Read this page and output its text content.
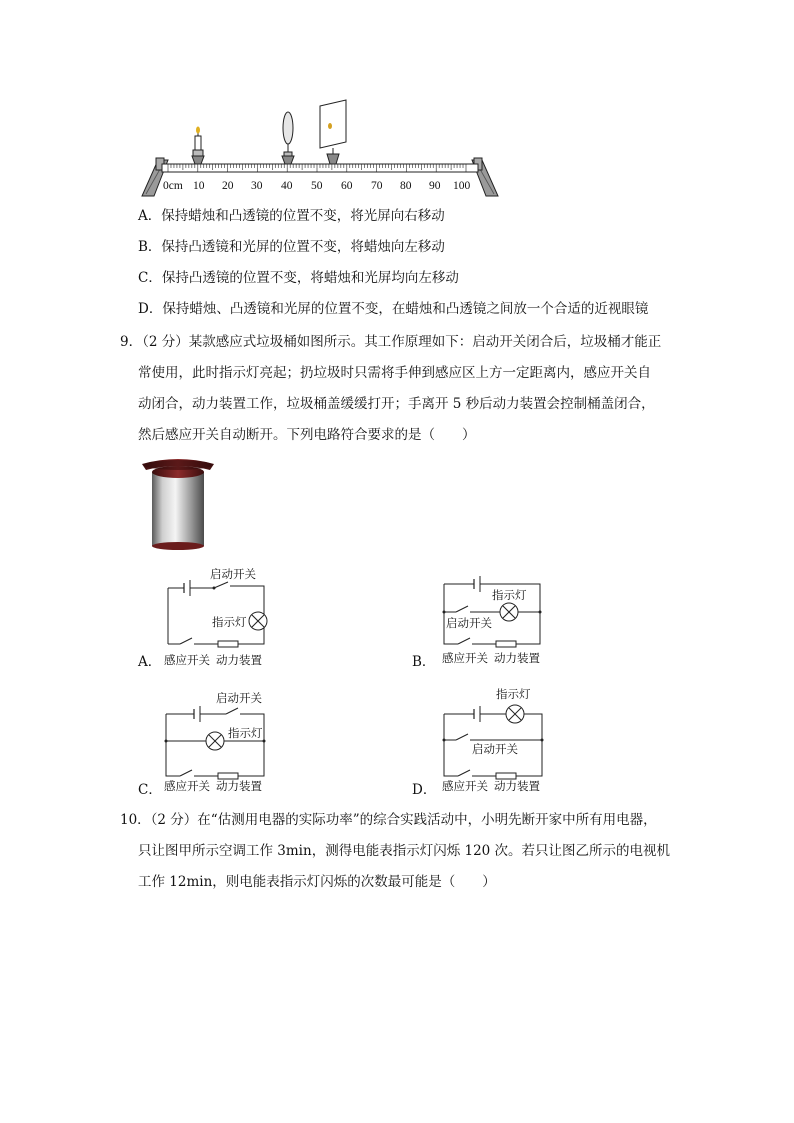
0cm 10 20 30 40 50 60 70 80 90 100
A．保持蜡烛和凸透镜的位置不变，将光屏向右移动
B．保持凸透镜和光屏的位置不变，将蜡烛向左移动
C．保持凸透镜的位置不变，将蜡烛和光屏均向左移动
D．保持蜡烛、凸透镜和光屏的位置不变，在蜡烛和凸透镜之间放一个合适的近视眼镜
9．（2 分）某款感应式垃圾桶如图所示。其工作原理如下：启动开关闭合后，垃圾桶才能正
常使用，此时指示灯亮起；扔垃圾时只需将手伸到感应区上方一定距离内，感应开关自
动闭合，动力装置工作，垃圾桶盖缓缓打开；手离开 5 秒后动力装置会控制桶盖闭合，
然后感应开关自动断开。下列电路符合要求的是（　　）
启动开关
指示灯
感应开关 动力装置
A．
指示灯
启动开关
感应开关 动力装置
B．
启动开关
指示灯
感应开关 动力装置
C．
指示灯
启动开关
感应开关 动力装置
D．
10．（2 分）在“估测用电器的实际功率”的综合实践活动中，小明先断开家中所有用电器，
只让图甲所示空调工作 3min，测得电能表指示灯闪烁 120 次。若只让图乙所示的电视机
工作 12min，则电能表指示灯闪烁的次数最可能是（　　）
